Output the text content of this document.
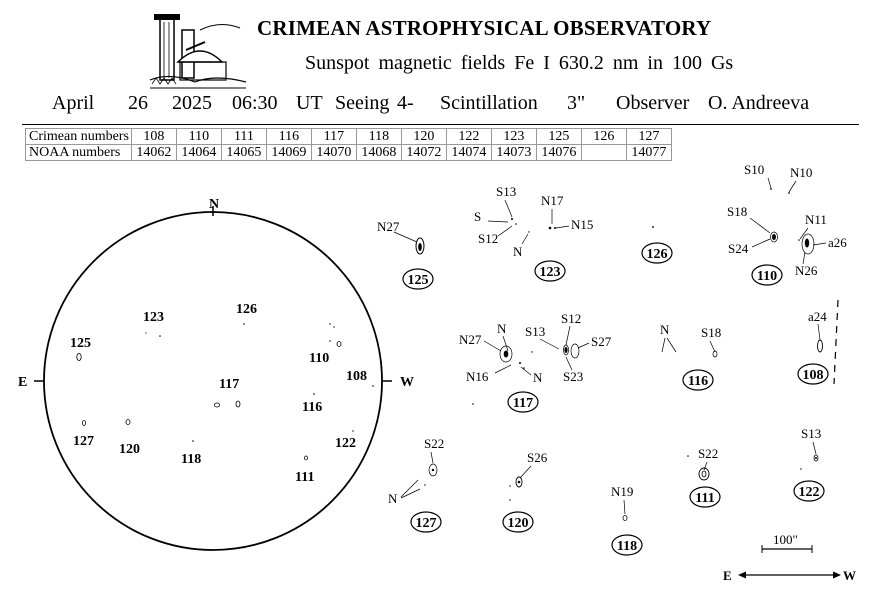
CRIMEAN ASTROPHYSICAL OBSERVATORY
Sunspot magnetic fields Fe I 630.2 nm in 100 Gs
April 26 2025 06:30 UT Seeing 4- Scintillation 3" Observer O. Andreeva
Crimean numbers	108	110	111	116	117	118	120	122	123	125	126	127
NOAA numbers	14062	14064	14065	14069	14070	14068	14072	14074	14073	14076		14077
N
E	W
123
126
125
110
108
117
116
122
127
120
118
111
N27
125
S13
S
S12
N
N17
N15
123
126
S10 N10
S18
N11
S24	a26
N26
110
N27
N S13
S12
S27
N16	N S23
117
N S18
116
a24
108
S22
N
127
S26
120
N19
118
S22
111
S13
122
100"
E	W
